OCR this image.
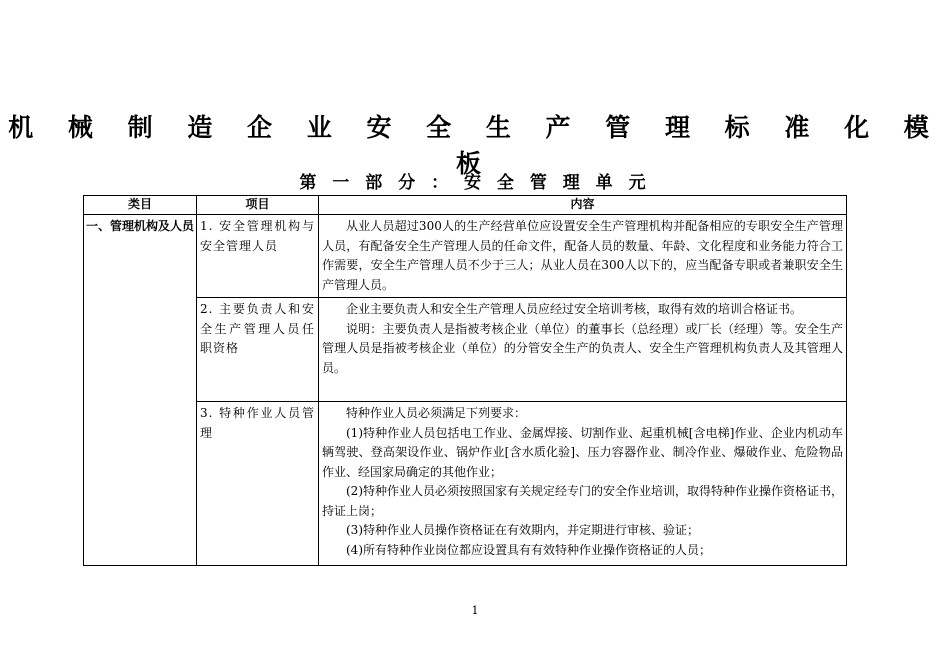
机 械 制 造 企 业 安 全 生 产 管 理 标 准 化 模 板
第 一 部 分 ： 安 全 管 理 单 元
类目	项目	内容
一、管理机构及人员	1. 安全管理机构与安全管理人员	从业人员超过300人的生产经营单位应设置安全生产管理机构并配备相应的专职安全生产管理人员，有配备安全生产管理人员的任命文件，配备人员的数量、年龄、文化程度和业务能力符合工作需要，安全生产管理人员不少于三人；从业人员在300人以下的，应当配备专职或者兼职安全生产管理人员。

	2. 主要负责人和安全生产管理人员任职资格	企业主要负责人和安全生产管理人员应经过安全培训考核，取得有效的培训合格证书。

说明：主要负责人是指被考核企业（单位）的董事长（总经理）或厂长（经理）等。安全生产管理人员是指被考核企业（单位）的分管安全生产的负责人、安全生产管理机构负责人及其管理人员。

	3. 特种作业人员管理	特种作业人员必须满足下列要求：

(1)特种作业人员包括电工作业、金属焊接、切割作业、起重机械[含电梯]作业、企业内机动车辆驾驶、登高架设作业、锅炉作业[含水质化验]、压力容器作业、制冷作业、爆破作业、危险物品作业、经国家局确定的其他作业；

(2)特种作业人员必须按照国家有关规定经专门的安全作业培训，取得特种作业操作资格证书，持证上岗；

(3)特种作业人员操作资格证在有效期内，并定期进行审核、验证；

(4)所有特种作业岗位都应设置具有有效特种作业操作资格证的人员；

1
